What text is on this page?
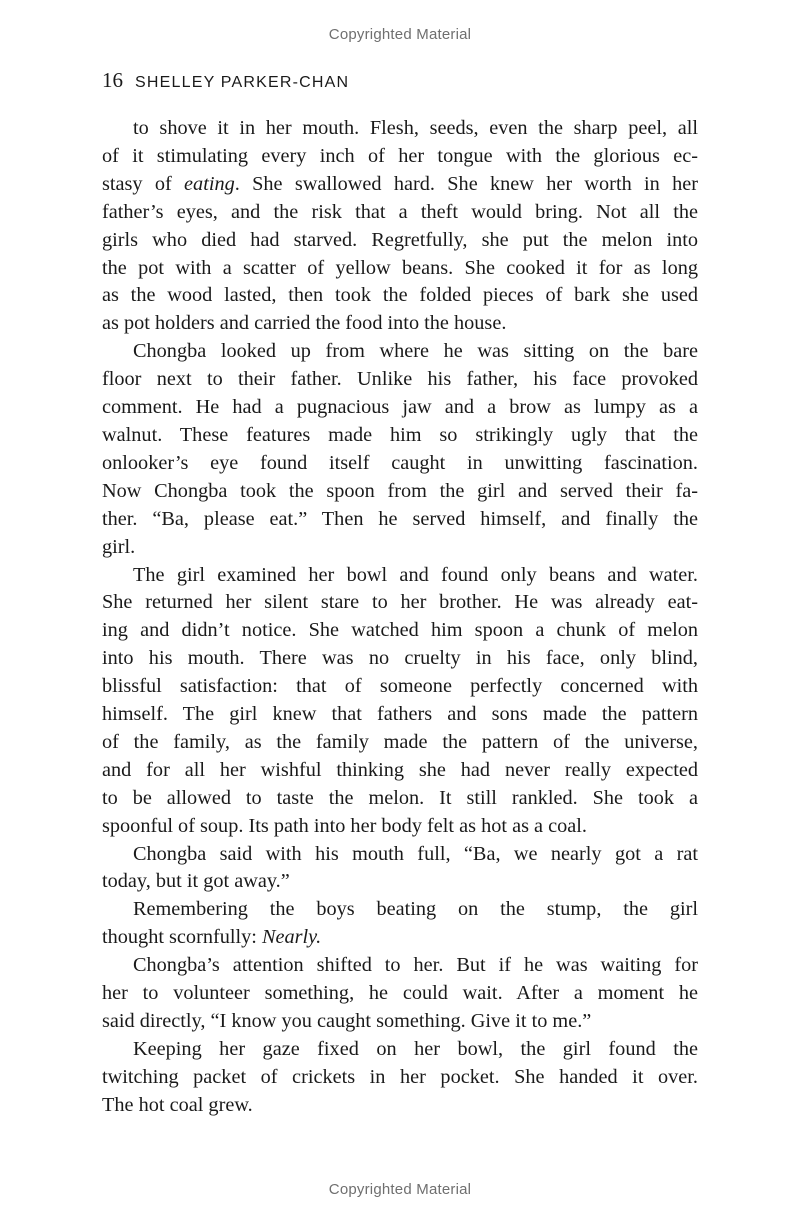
Copyrighted Material
16 SHELLEY PARKER-CHAN
to shove it in her mouth. Flesh, seeds, even the sharp peel, all
of it stimulating every inch of her tongue with the glorious ec-
stasy of eating. She swallowed hard. She knew her worth in her
father’s eyes, and the risk that a theft would bring. Not all the
girls who died had starved. Regretfully, she put the melon into
the pot with a scatter of yellow beans. She cooked it for as long
as the wood lasted, then took the folded pieces of bark she used
as pot holders and carried the food into the house.
Chongba looked up from where he was sitting on the bare
floor next to their father. Unlike his father, his face provoked
comment. He had a pugnacious jaw and a brow as lumpy as a
walnut. These features made him so strikingly ugly that the
onlooker’s eye found itself caught in unwitting fascination.
Now Chongba took the spoon from the girl and served their fa-
ther. “Ba, please eat.” Then he served himself, and finally the
girl.
The girl examined her bowl and found only beans and water.
She returned her silent stare to her brother. He was already eat-
ing and didn’t notice. She watched him spoon a chunk of melon
into his mouth. There was no cruelty in his face, only blind,
blissful satisfaction: that of someone perfectly concerned with
himself. The girl knew that fathers and sons made the pattern
of the family, as the family made the pattern of the universe,
and for all her wishful thinking she had never really expected
to be allowed to taste the melon. It still rankled. She took a
spoonful of soup. Its path into her body felt as hot as a coal.
Chongba said with his mouth full, “Ba, we nearly got a rat
today, but it got away.”
Remembering the boys beating on the stump, the girl
thought scornfully: Nearly.
Chongba’s attention shifted to her. But if he was waiting for
her to volunteer something, he could wait. After a moment he
said directly, “I know you caught something. Give it to me.”
Keeping her gaze fixed on her bowl, the girl found the
twitching packet of crickets in her pocket. She handed it over.
The hot coal grew.
Copyrighted Material
